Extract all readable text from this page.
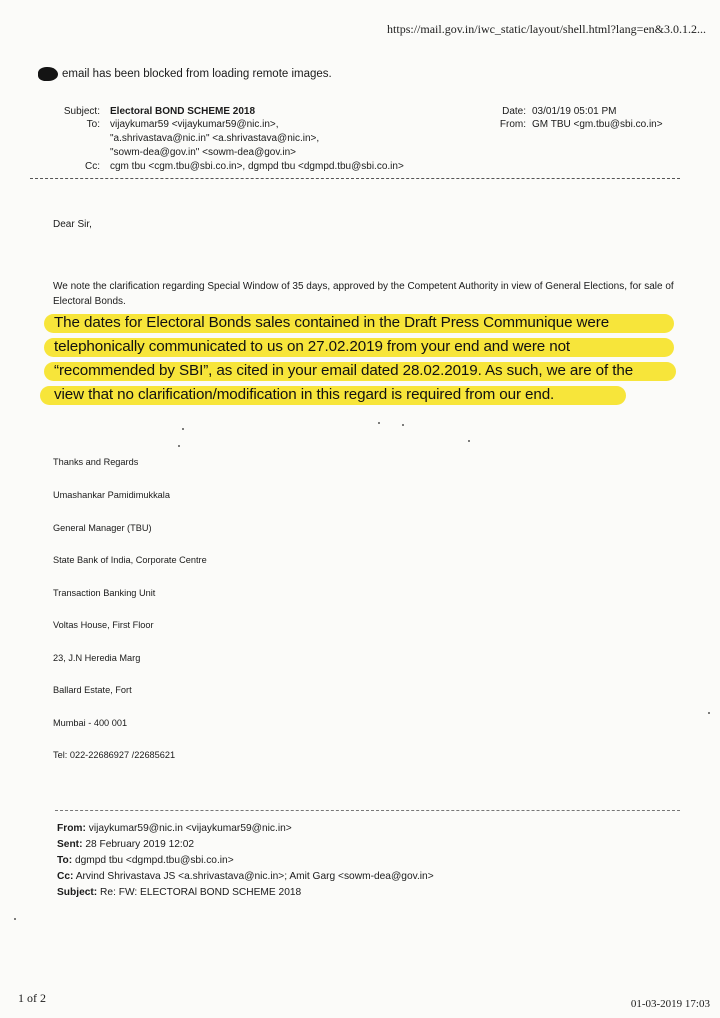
https://mail.gov.in/iwc_static/layout/shell.html?lang=en&3.0.1.2...
email has been blocked from loading remote images.
Subject: Electoral BOND SCHEME 2018
To: vijaykumar59 <vijaykumar59@nic.in>,
"a.shrivastava@nic.in" <a.shrivastava@nic.in>,
"sowm-dea@gov.in" <sowm-dea@gov.in>
Cc: cgm tbu <cgm.tbu@sbi.co.in>, dgmpd tbu <dgmpd.tbu@sbi.co.in>
Date: 03/01/19 05:01 PM
From: GM TBU <gm.tbu@sbi.co.in>
Dear Sir,
We note the clarification regarding Special Window of 35 days, approved by the Competent Authority in view of General Elections, for sale of Electoral Bonds.
The dates for Electoral Bonds sales contained in the Draft Press Communique were
telephonically communicated to us on 27.02.2019 from your end and were not
“recommended by SBI”, as cited in your email dated 28.02.2019. As such, we are of the
view that no clarification/modification in this regard is required from our end.
Thanks and Regards
Umashankar Pamidimukkala
General Manager (TBU)
State Bank of India, Corporate Centre
Transaction Banking Unit
Voltas House, First Floor
23, J.N Heredia Marg
Ballard Estate, Fort
Mumbai - 400 001
Tel: 022-22686927 /22685621
From: vijaykumar59@nic.in <vijaykumar59@nic.in>
Sent: 28 February 2019 12:02
To: dgmpd tbu <dgmpd.tbu@sbi.co.in>
Cc: Arvind Shrivastava JS <a.shrivastava@nic.in>; Amit Garg <sowm-dea@gov.in>
Subject: Re: FW: ELECTORAl BOND SCHEME 2018
1 of 2	01-03-2019 17:03
